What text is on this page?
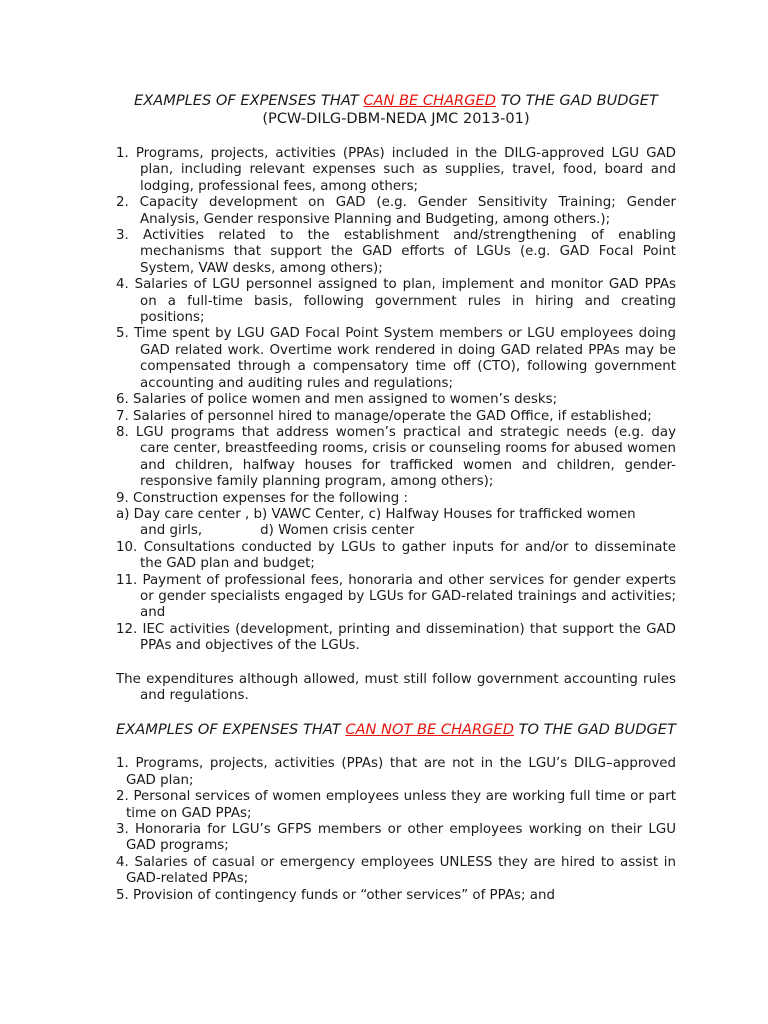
EXAMPLES OF EXPENSES THAT CAN BE CHARGED TO THE GAD BUDGET

(PCW-DILG-DBM-NEDA JMC 2013-01)

1. Programs, projects, activities (PPAs) included in the DILG-approved LGU GAD plan, including relevant expenses such as supplies, travel, food, board and lodging, professional fees, among others;
2. Capacity development on GAD (e.g. Gender Sensitivity Training; Gender Analysis, Gender responsive Planning and Budgeting, among others.);
3. Activities related to the establishment and/strengthening of enabling mechanisms that support the GAD efforts of LGUs (e.g. GAD Focal Point System, VAW desks, among others);
4. Salaries of LGU personnel assigned to plan, implement and monitor GAD PPAs on a full-time basis, following government rules in hiring and creating positions;
5. Time spent by LGU GAD Focal Point System members or LGU employees doing GAD related work. Overtime work rendered in doing GAD related PPAs may be compensated through a compensatory time off (CTO), following government accounting and auditing rules and regulations;
6. Salaries of police women and men assigned to women’s desks;
7. Salaries of personnel hired to manage/operate the GAD Office, if established;
8. LGU programs that address women’s practical and strategic needs (e.g. day care center, breastfeeding rooms, crisis or counseling rooms for abused women and children, halfway houses for trafficked women and children, gender-responsive family planning program, among others);
9. Construction expenses for the following :
a) Day care center , b) VAWC Center, c) Halfway Houses for trafficked women
and girls,	d) Women crisis center
10. Consultations conducted by LGUs to gather inputs for and/or to disseminate the GAD plan and budget;
11. Payment of professional fees, honoraria and other services for gender experts or gender specialists engaged by LGUs for GAD-related trainings and activities; and
12. IEC activities (development, printing and dissemination) that support the GAD PPAs and objectives of the LGUs.

The expenditures although allowed, must still follow government accounting rules and regulations.

EXAMPLES OF EXPENSES THAT CAN NOT BE CHARGED TO THE GAD BUDGET

1. Programs, projects, activities (PPAs) that are not in the LGU’s DILG–approved GAD plan;
2. Personal services of women employees unless they are working full time or part time on GAD PPAs;
3. Honoraria for LGU’s GFPS members or other employees working on their LGU GAD programs;
4. Salaries of casual or emergency employees UNLESS they are hired to assist in GAD-related PPAs;
5. Provision of contingency funds or “other services” of PPAs; and
